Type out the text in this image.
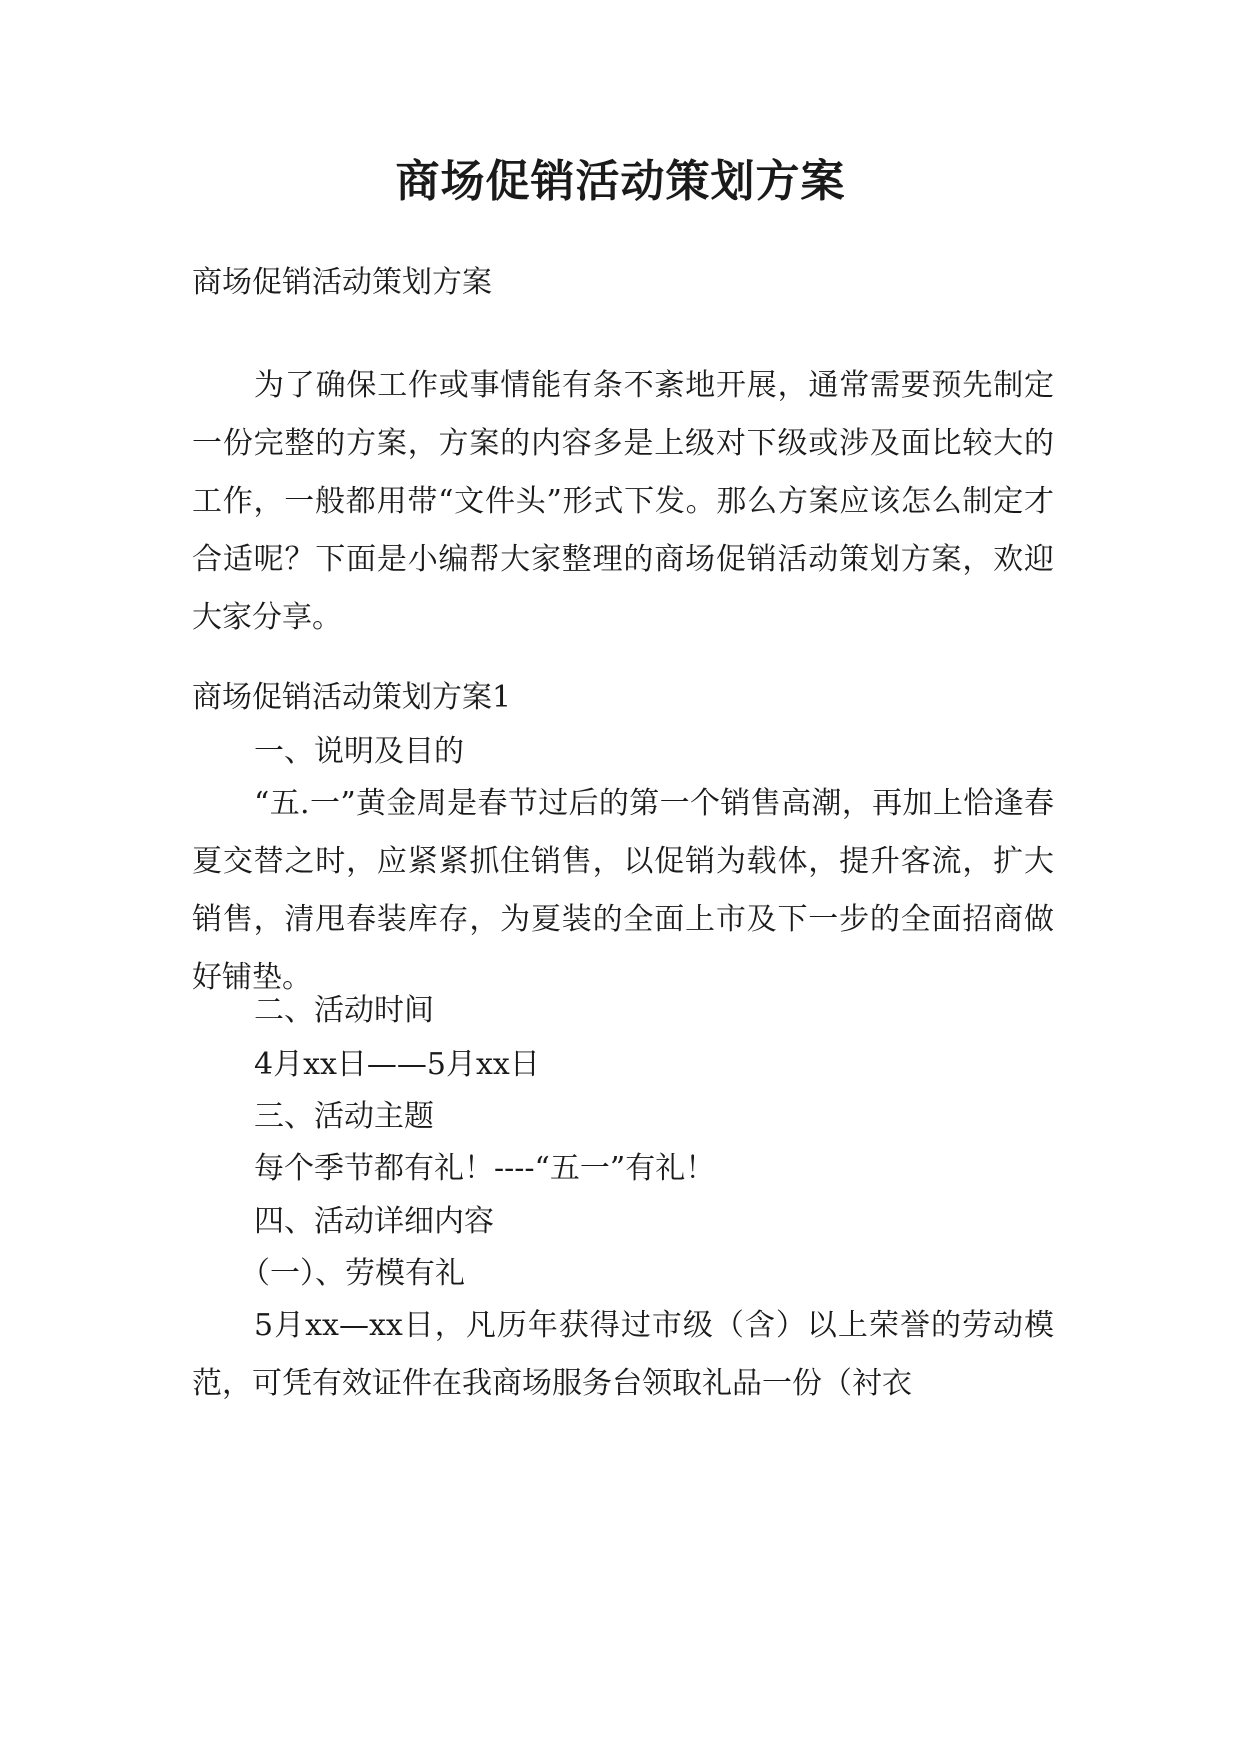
商场促销活动策划方案
商场促销活动策划方案
为了确保工作或事情能有条不紊地开展，通常需要预先制定一份完整的方案，方案的内容多是上级对下级或涉及面比较大的工作，一般都用带“文件头”形式下发。那么方案应该怎么制定才合适呢？下面是小编帮大家整理的商场促销活动策划方案，欢迎大家分享。
商场促销活动策划方案1
一、说明及目的
“五.一”黄金周是春节过后的第一个销售高潮，再加上恰逢春夏交替之时，应紧紧抓住销售，以促销为载体，提升客流，扩大销售，清甩春装库存，为夏装的全面上市及下一步的全面招商做好铺垫。
二、活动时间
4月xx日——5月xx日
三、活动主题
每个季节都有礼！----“五一”有礼！
四、活动详细内容
（一）、劳模有礼
5月xx—xx日，凡历年获得过市级（含）以上荣誉的劳动模范，可凭有效证件在我商场服务台领取礼品一份（衬衣
